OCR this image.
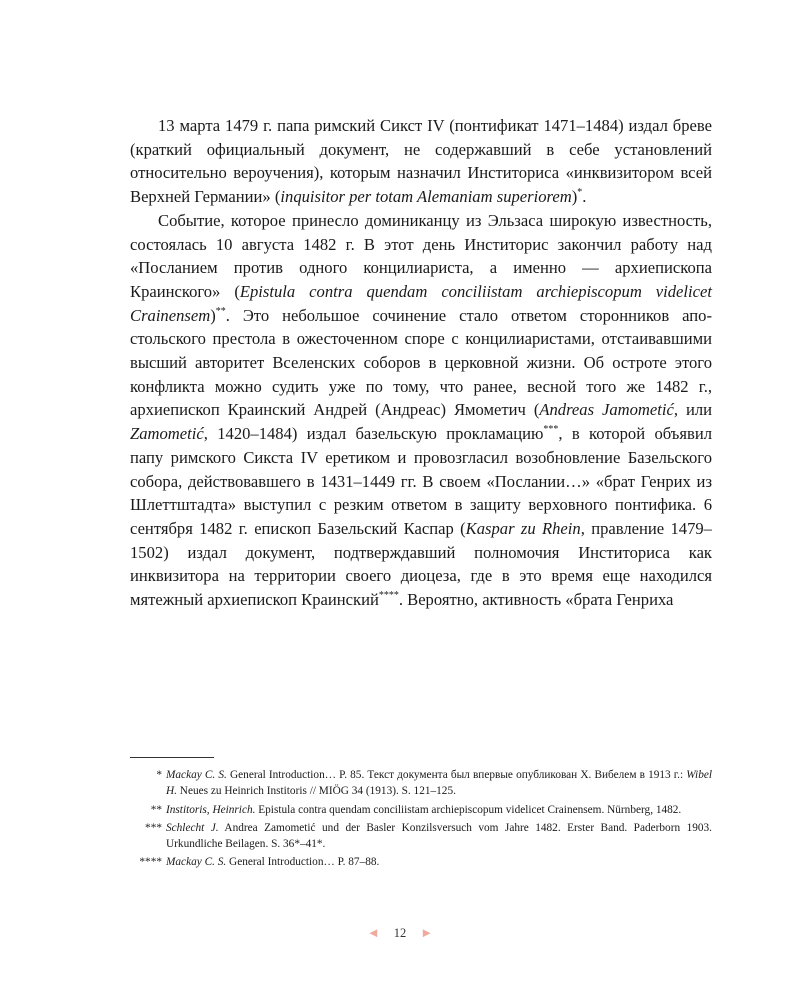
13 марта 1479 г. папа римский Сикст IV (понтификат 1471–1484) издал бреве (краткий официальный документ, не содержавший в себе установлений относительно вероучения), которым назначил Инститориса «инквизитором всей Верхней Германии» (inquisitor per totam Alemaniam superiorem)*.

Событие, которое принесло доминиканцу из Эльзаса широкую известность, состоялась 10 августа 1482 г. В этот день Инститорис закончил работу над «Посланием против одного концилиариста, а именно — архиепископа Краинского» (Epistula contra quendam conciliistam archiepiscopum videlicet Crainensem)**. Это небольшое сочинение стало ответом сторонников апостольского престола в ожесточенном споре с концилиаристами, отстаивавшими высший авторитет Вселенских соборов в церковной жизни. Об остроте этого конфликта можно судить уже по тому, что ранее, весной того же 1482 г., архиепископ Краинский Андрей (Андреас) Ямометич (Andreas Jamometić, или Zamometić, 1420–1484) издал базельскую прокламацию***, в которой объявил папу римского Сикста IV еретиком и провозгласил возобновление Базельского собора, действовавшего в 1431–1449 гг. В своем «Послании…» «брат Генрих из Шлеттштадта» выступил с резким ответом в защиту верховного понтифика. 6 сентября 1482 г. епископ Базельский Каспар (Kaspar zu Rhein, правление 1479–1502) издал документ, подтверждавший полномочия Инститориса как инквизитора на территории своего диоцеза, где в это время еще находился мятежный архиепископ Краинский****. Вероятно, активность «брата Генриха

* Mackay C. S. General Introduction… P. 85. Текст документа был впервые опубликован Х. Вибелем в 1913 г.: Wibel H. Neues zu Heinrich Institoris // MIÖG 34 (1913). S. 121–125.
** Institoris, Heinrich. Epistula contra quendam conciliistam archiepiscopum videlicet Crainensem. Nürnberg, 1482.
*** Schlecht J. Andrea Zamometić und der Basler Konzilsversuch vom Jahre 1482. Erster Band. Paderborn 1903. Urkundliche Beilagen. S. 36*–41*.
**** Mackay C. S. General Introduction… P. 87–88.
◄ 12 ►
